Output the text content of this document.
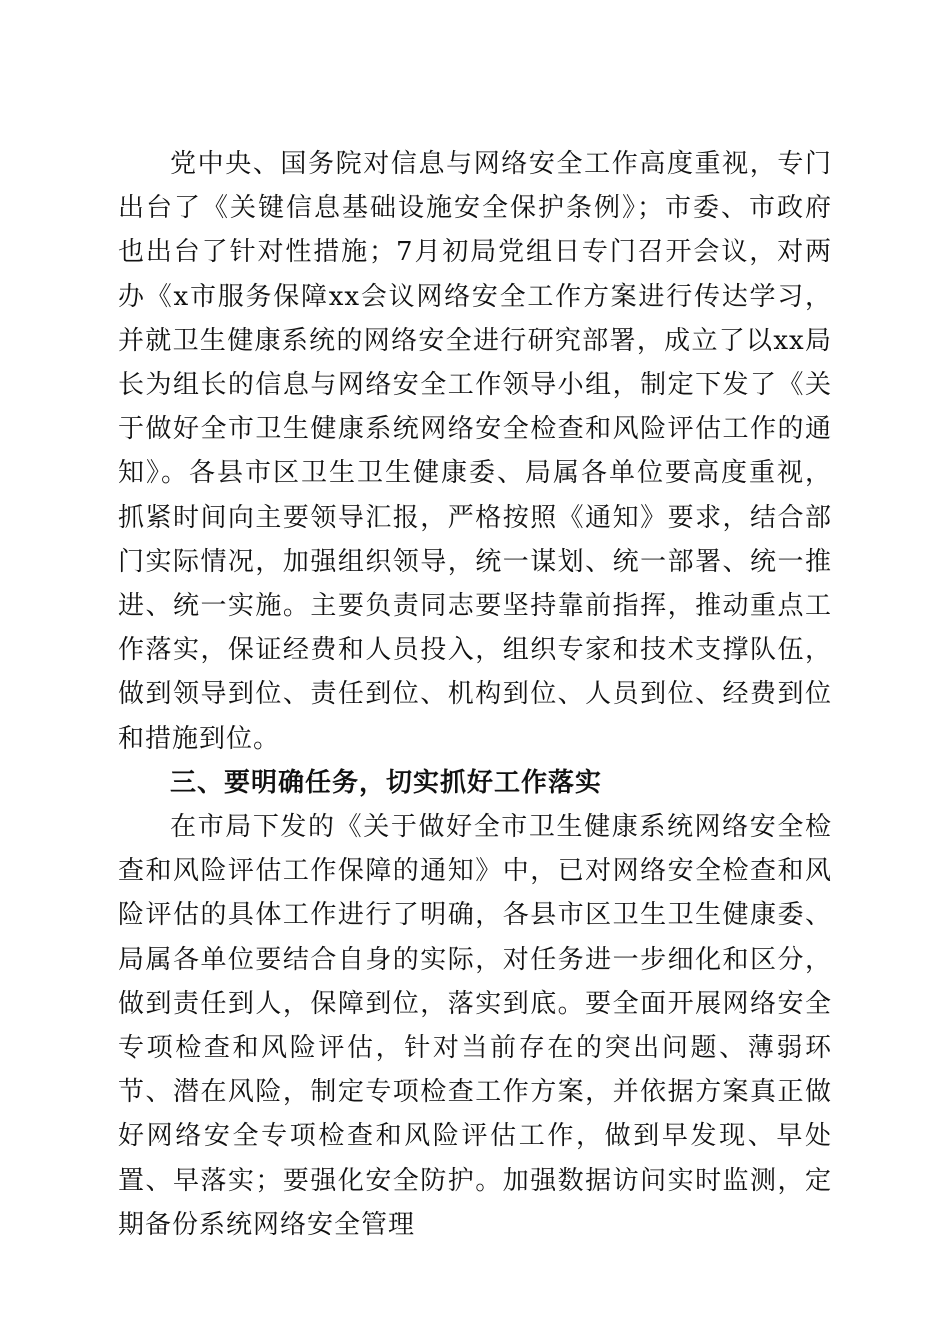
党中央、国务院对信息与网络安全工作高度重视，专门出台了《关键信息基础设施安全保护条例》；市委、市政府也出台了针对性措施；7月初局党组日专门召开会议，对两办《x市服务保障xx会议网络安全工作方案进行传达学习，并就卫生健康系统的网络安全进行研究部署，成立了以xx局长为组长的信息与网络安全工作领导小组，制定下发了《关于做好全市卫生健康系统网络安全检查和风险评估工作的通知》。各县市区卫生卫生健康委、局属各单位要高度重视，抓紧时间向主要领导汇报，严格按照《通知》要求，结合部门实际情况，加强组织领导，统一谋划、统一部署、统一推进、统一实施。主要负责同志要坚持靠前指挥，推动重点工作落实，保证经费和人员投入，组织专家和技术支撑队伍，做到领导到位、责任到位、机构到位、人员到位、经费到位和措施到位。

三、要明确任务，切实抓好工作落实

在市局下发的《关于做好全市卫生健康系统网络安全检查和风险评估工作保障的通知》中，已对网络安全检查和风险评估的具体工作进行了明确，各县市区卫生卫生健康委、局属各单位要结合自身的实际，对任务进一步细化和区分，做到责任到人，保障到位，落实到底。要全面开展网络安全专项检查和风险评估，针对当前存在的突出问题、薄弱环节、潜在风险，制定专项检查工作方案，并依据方案真正做好网络安全专项检查和风险评估工作，做到早发现、早处置、早落实；要强化安全防护。加强数据访问实时监测，定期备份系统网络安全管理
